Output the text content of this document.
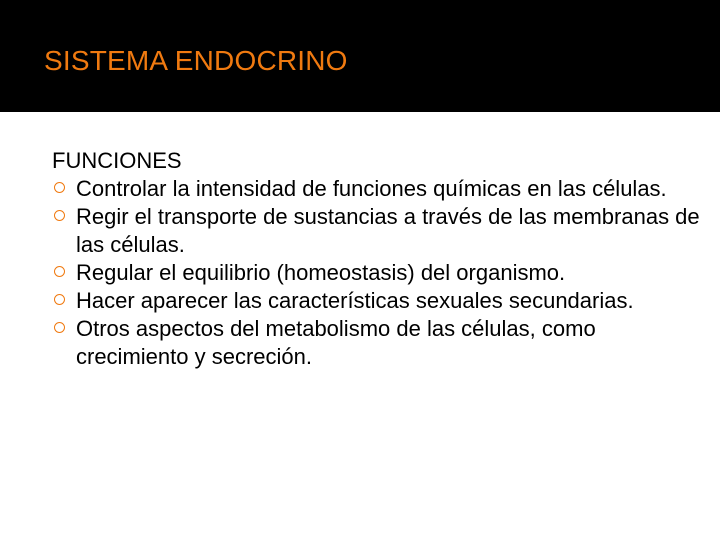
SISTEMA ENDOCRINO
FUNCIONES
Controlar la intensidad de funciones químicas en las células.
Regir el transporte de sustancias a través de las membranas de las células.
Regular el equilibrio (homeostasis) del organismo.
Hacer aparecer las características sexuales secundarias.
Otros aspectos del metabolismo de las células, como crecimiento y secreción.
